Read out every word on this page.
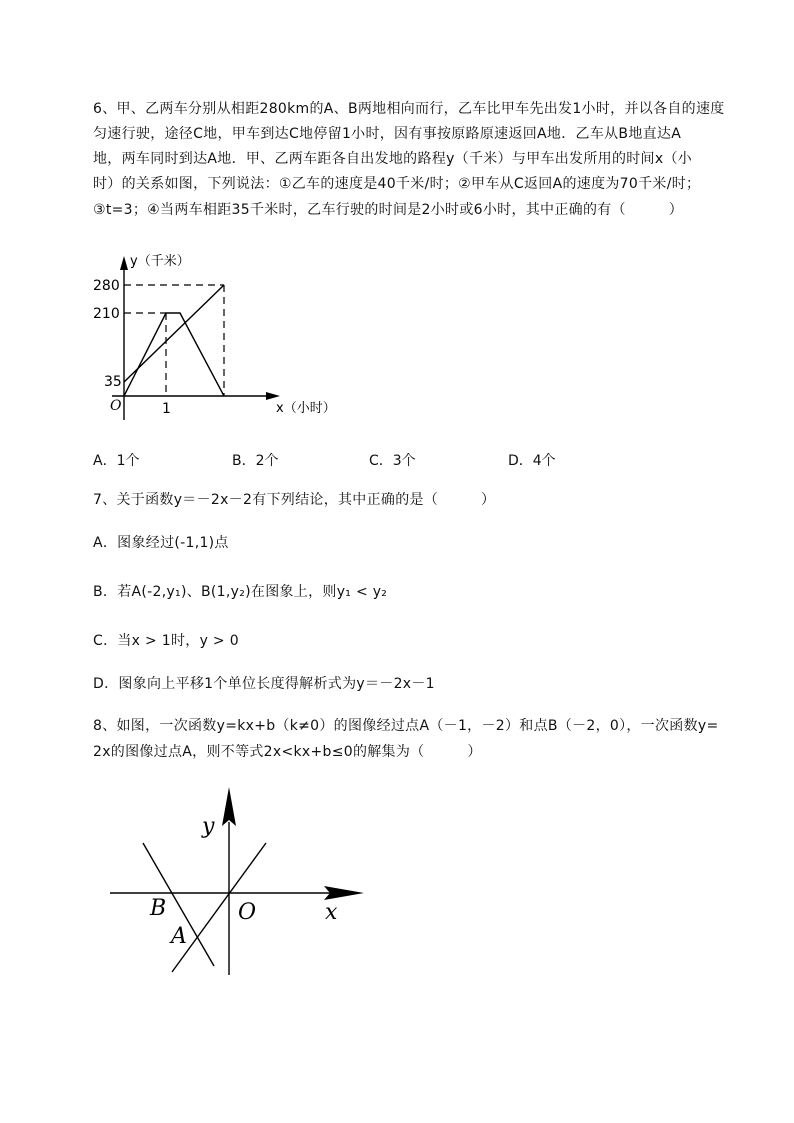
6、甲、乙两车分别从相距280km的A、B两地相向而行，乙车比甲车先出发1小时，并以各自的速度
匀速行驶，途径C地，甲车到达C地停留1小时，因有事按原路原速返回A地．乙车从B地直达A
地，两车同时到达A地．甲、乙两车距各自出发地的路程y（千米）与甲车出发所用的时间x（小
时）的关系如图，下列说法：①乙车的速度是40千米/时；②甲车从C返回A的速度为70千米/时；
③t=3；④当两车相距35千米时，乙车行驶的时间是2小时或6小时，其中正确的有（　　　）
y（千米）
x（小时）
280
210
35
1
O
A．1个	B．2个	C．3个	D．4个
7、关于函数y＝－2x－2有下列结论，其中正确的是（　　　）
A．图象经过(-1,1)点
B．若A(-2,y₁)、B(1,y₂)在图象上，则y₁ < y₂
C．当x > 1时，y > 0
D．图象向上平移1个单位长度得解析式为y＝－2x－1
8、如图，一次函数y=kx+b（k≠0）的图像经过点A（－1，－2）和点B（－2，0），一次函数y=
2x的图像过点A，则不等式2x<kx+b≤0的解集为（　　　）
y
x
O
B
A
